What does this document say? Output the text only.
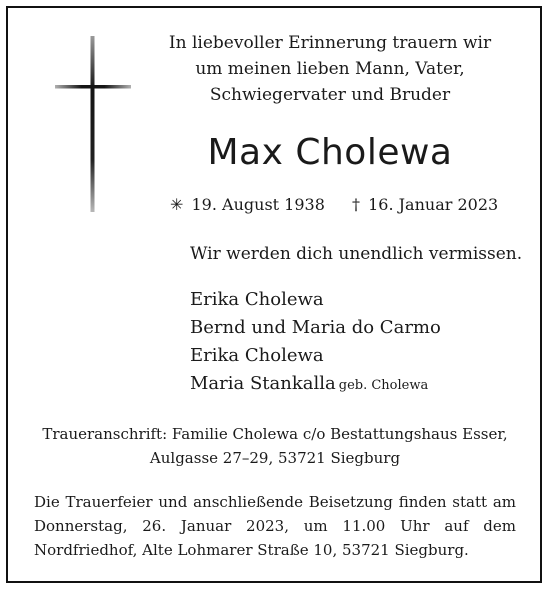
In liebevoller Erinnerung trauern wir
um meinen lieben Mann, Vater,
Schwiegervater und Bruder
Max Cholewa
✳ 19. August 1938 † 16. Januar 2023
Wir werden dich unendlich vermissen.
Erika Cholewa
Bernd und Maria do Carmo
Erika Cholewa
Maria Stankalla geb. Cholewa
Traueranschrift: Familie Cholewa c/o Bestattungshaus Esser,
Aulgasse 27–29, 53721 Siegburg
Die Trauerfeier und anschließende Beisetzung finden statt am Donnerstag, 26. Januar 2023, um 11.00 Uhr auf dem Nordfriedhof, Alte Lohmarer Straße 10, 53721 Siegburg.
